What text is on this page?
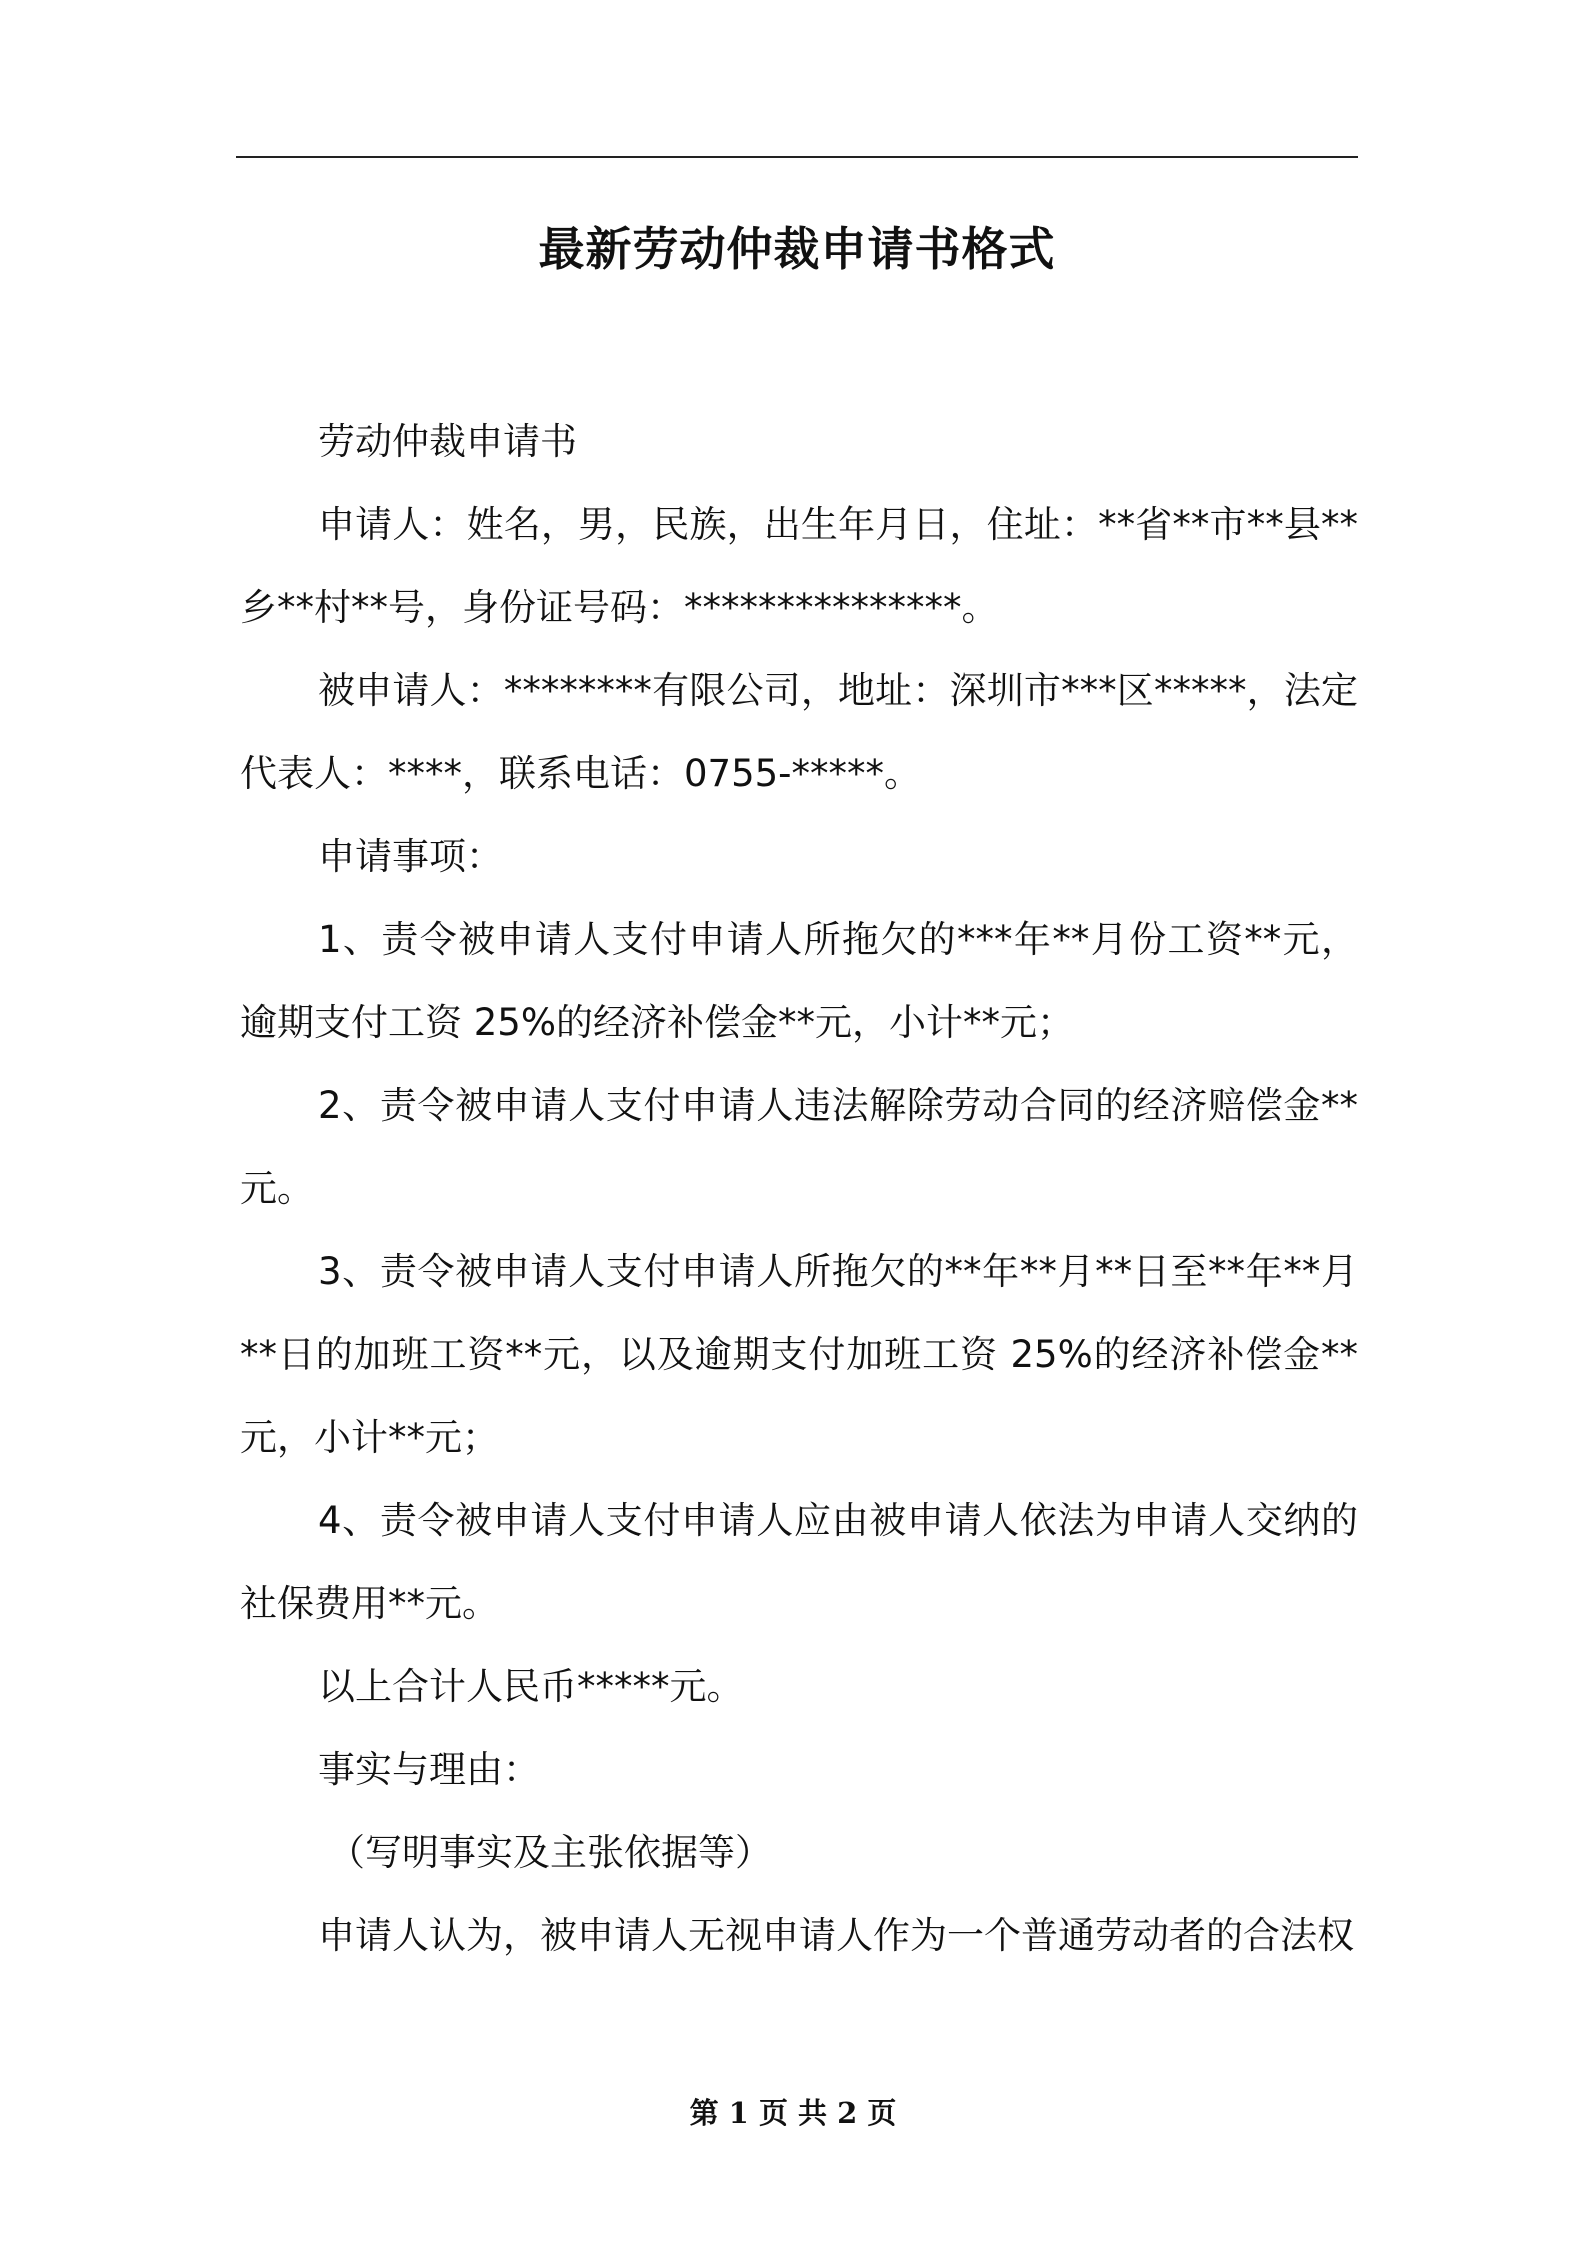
最新劳动仲裁申请书格式

劳动仲裁申请书

申请人：姓名，男，民族，出生年月日，住址：**省**市**县**乡**村**号，身份证号码：***************。

被申请人：********有限公司，地址：深圳市***区*****，法定代表人：****，联系电话：0755-*****。

申请事项：

1、责令被申请人支付申请人所拖欠的***年**月份工资**元，逾期支付工资 25%的经济补偿金**元，小计**元；

2、责令被申请人支付申请人违法解除劳动合同的经济赔偿金**元。

3、责令被申请人支付申请人所拖欠的**年**月**日至**年**月**日的加班工资**元，以及逾期支付加班工资 25%的经济补偿金**元，小计**元；

4、责令被申请人支付申请人应由被申请人依法为申请人交纳的社保费用**元。

以上合计人民币*****元。

事实与理由：

（写明事实及主张依据等）

申请人认为，被申请人无视申请人作为一个普通劳动者的合法权

第 1 页 共 2 页
